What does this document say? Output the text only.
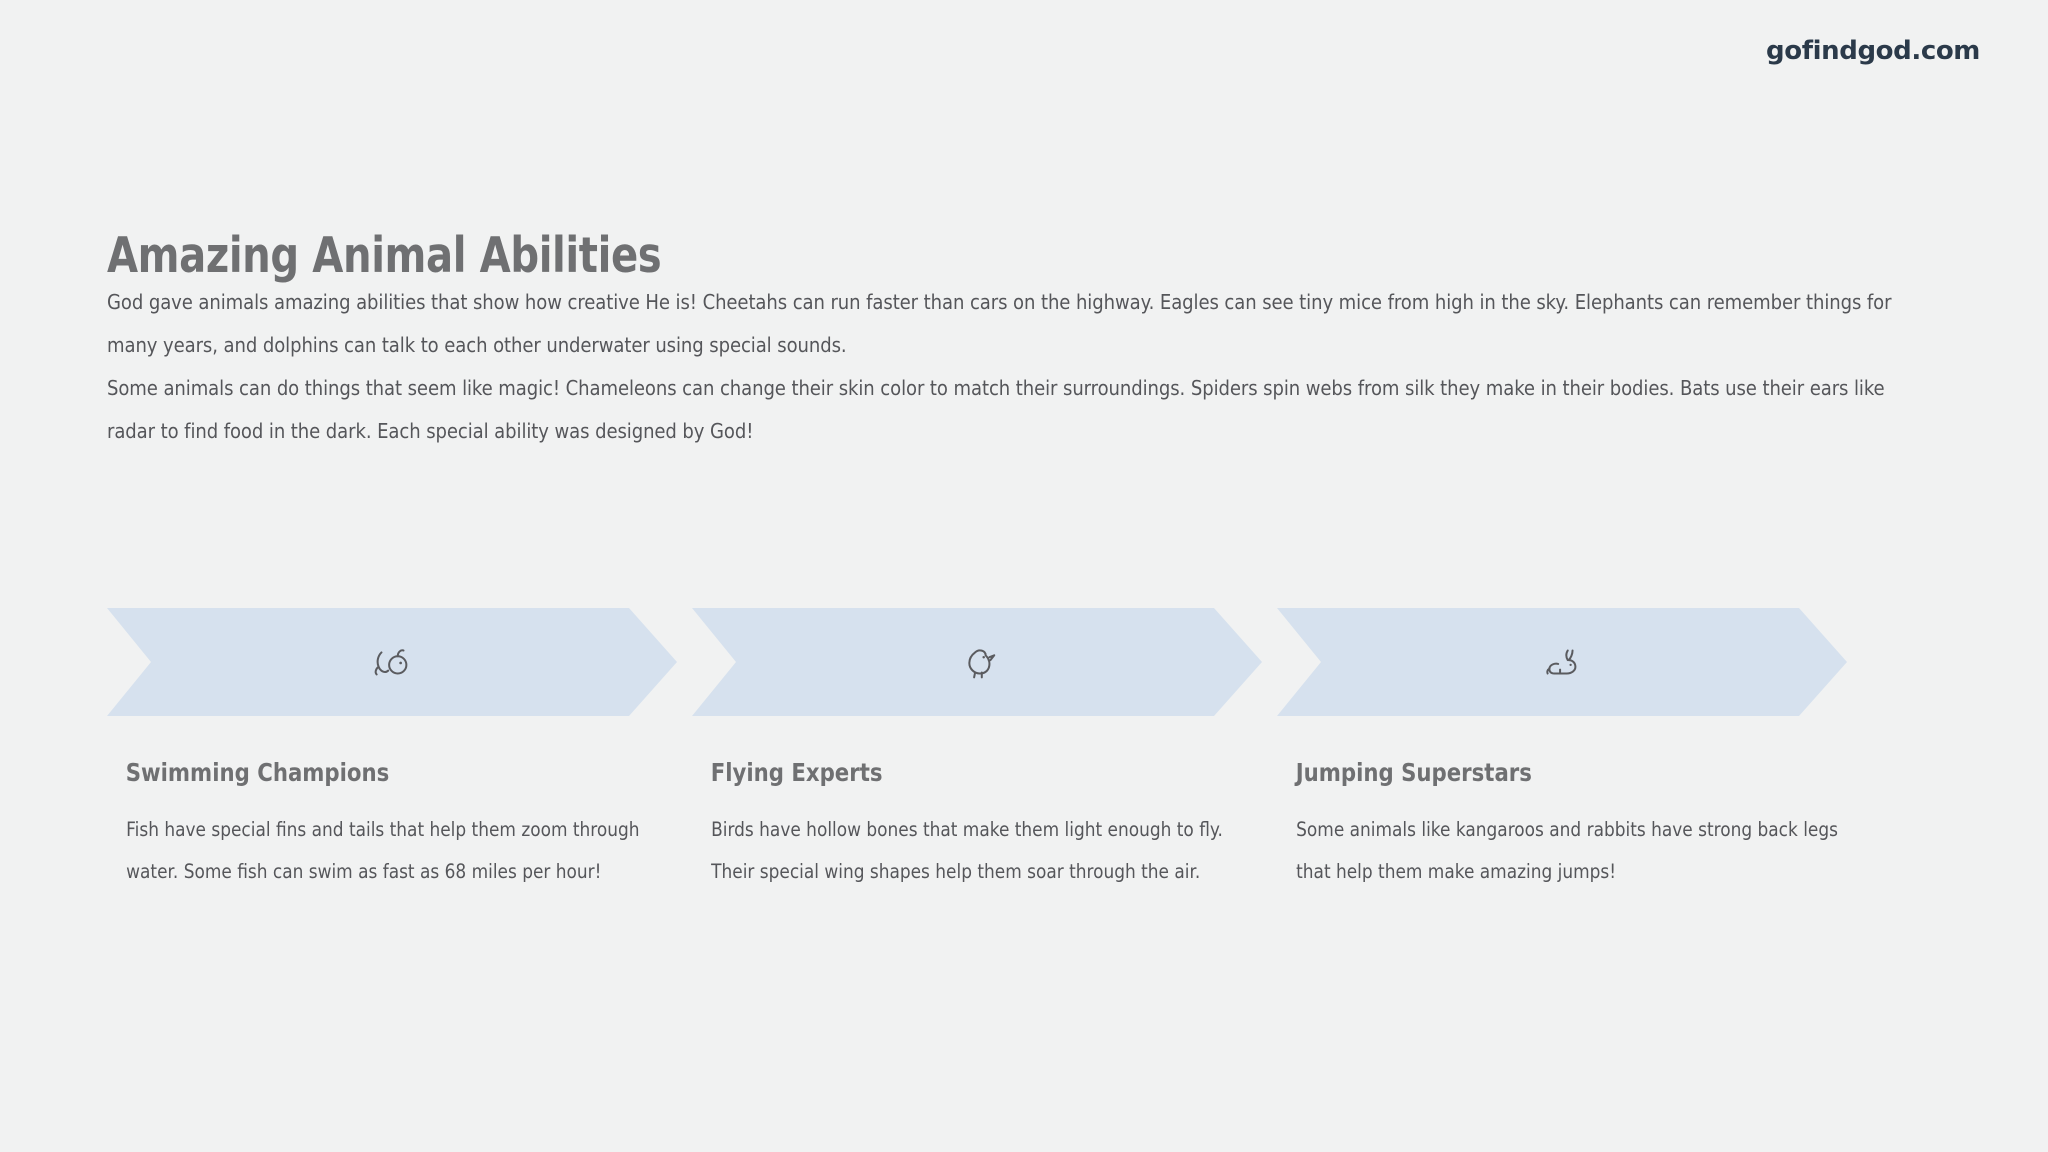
gofindgod.com
Amazing Animal Abilities

God gave animals amazing abilities that show how creative He is! Cheetahs can run faster than cars on the highway. Eagles can see tiny mice from high in the sky. Elephants can remember things for many years, and dolphins can talk to each other underwater using special sounds.

Some animals can do things that seem like magic! Chameleons can change their skin color to match their surroundings. Spiders spin webs from silk they make in their bodies. Bats use their ears like radar to find food in the dark. Each special ability was designed by God!

Swimming Champions

Fish have special fins and tails that help them zoom through water. Some fish can swim as fast as 68 miles per hour!

Flying Experts

Birds have hollow bones that make them light enough to fly. Their special wing shapes help them soar through the air.

Jumping Superstars

Some animals like kangaroos and rabbits have strong back legs that help them make amazing jumps!
